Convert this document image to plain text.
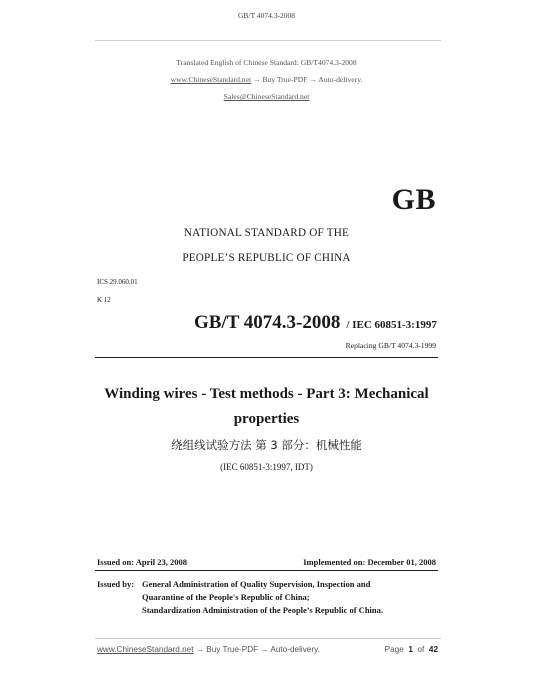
GB/T 4074.3-2008
Translated English of Chinese Standard: GB/T4074.3-2008
www.ChineseStandard.net → Buy True-PDF → Auto-delivery.
Sales@ChineseStandard.net
GB
NATIONAL STANDARD OF THE
PEOPLE’S REPUBLIC OF CHINA
ICS 29.060.01
K 12
GB/T 4074.3-2008 / IEC 60851-3:1997
Replacing GB/T 4074.3-1999
Winding wires - Test methods - Part 3: Mechanical
properties
绕组线试验方法 第 3 部分：机械性能
(IEC 60851-3:1997, IDT)
Issued on: April 23, 2008	Implemented on: December 01, 2008
Issued by: General Administration of Quality Supervision, Inspection and
Quarantine of the People's Republic of China;
Standardization Administration of the People’s Republic of China.
www.ChineseStandard.net → Buy True-PDF → Auto-delivery.	Page 1 of 42
